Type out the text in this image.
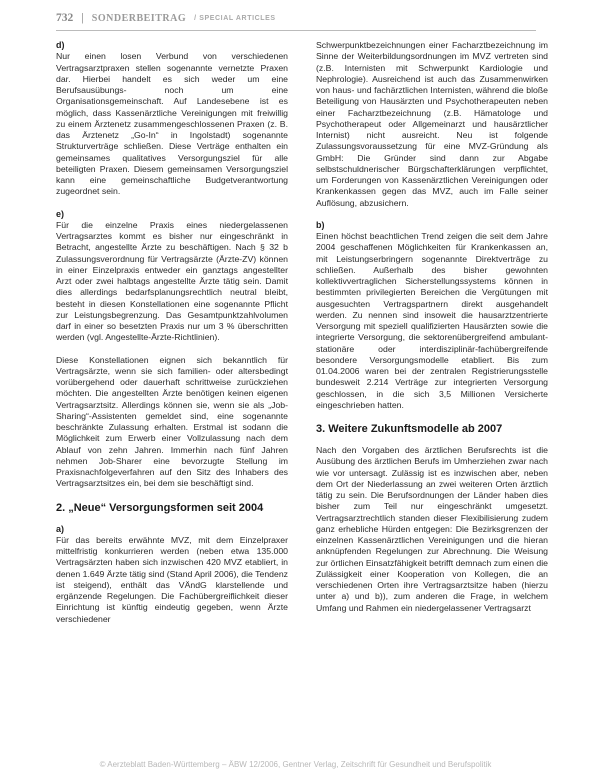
732 | SONDERBEITRAG / SPECIAL ARTICLES

d)

Nur einen losen Verbund von verschiedenen Vertragsarztpraxen stellen sogenannte vernetzte Praxen dar. Hierbei handelt es sich weder um eine Berufsausübungs- noch um eine Organisationsgemeinschaft. Auf Landesebene ist es möglich, dass Kassenärztliche Vereinigungen mit freiwillig zu einem Ärztenetz zusammengeschlossenen Praxen (z. B. das Ärztenetz „Go-In“ in Ingolstadt) sogenannte Strukturverträge schließen. Diese Verträge enthalten ein gemeinsames qualitatives Versorgungsziel für alle beteiligten Praxen. Diesem gemeinsamen Versorgungsziel kann eine gemeinschaftliche Budgetverantwortung zugeordnet sein.

e)

Für die einzelne Praxis eines niedergelassenen Vertragsarztes kommt es bisher nur eingeschränkt in Betracht, angestellte Ärzte zu beschäftigen. Nach § 32 b Zulassungsverordnung für Vertragsärzte (Ärzte-ZV) können in einer Einzelpraxis entweder ein ganztags angestellter Arzt oder zwei halbtags angestellte Ärzte tätig sein. Damit dies allerdings bedarfsplanungsrechtlich neutral bleibt, besteht in diesen Konstellationen eine sogenannte Pflicht zur Leistungsbegrenzung. Das Gesamtpunktzahlvolumen darf in einer so besetzten Praxis nur um 3 % überschritten werden (vgl. Angestellte-Ärzte-Richtlinien).

Diese Konstellationen eignen sich bekanntlich für Vertragsärzte, wenn sie sich familien- oder altersbedingt vorübergehend oder dauerhaft schrittweise zurückziehen möchten. Die angestellten Ärzte benötigen keinen eigenen Vertragsarztsitz. Allerdings können sie, wenn sie als „Job-Sharing“-Assistenten gemeldet sind, eine sogenannte beschränkte Zulassung erhalten. Erstmal ist sodann die Möglichkeit zum Erwerb einer Vollzulassung nach dem Ablauf von zehn Jahren. Immerhin nach fünf Jahren nehmen Job-Sharer eine bevorzugte Stellung im Praxisnachfolgeverfahren auf den Sitz des Inhabers des Vertragsarztsitzes ein, bei dem sie beschäftigt sind.

2. „Neue“ Versorgungsformen seit 2004

a)

Für das bereits erwähnte MVZ, mit dem Einzelpraxer mittelfristig konkurrieren werden (neben etwa 135.000 Vertragsärzten haben sich inzwischen 420 MVZ etabliert, in denen 1.649 Ärzte tätig sind (Stand April 2006), die Tendenz ist steigend), enthält das VÄndG klarstellende und ergänzende Regelungen. Die Fachübergreiflichkeit dieser Einrichtung ist künftig eindeutig gegeben, wenn Ärzte verschiedener

Schwerpunktbezeichnungen einer Facharztbezeichnung im Sinne der Weiterbildungsordnungen im MVZ vertreten sind (z.B. Internisten mit Schwerpunkt Kardiologie und Nephrologie). Ausreichend ist auch das Zusammenwirken von haus- und fachärztlichen Internisten, während die bloße Beteiligung von Hausärzten und Psychotherapeuten neben einer Facharztbezeichnung (z.B. Hämatologe und Psychotherapeut oder Allgemeinarzt und hausärztlicher Internist) nicht ausreicht. Neu ist folgende Zulassungsvoraussetzung für eine MVZ-Gründung als GmbH: Die Gründer sind dann zur Abgabe selbstschuldnerischer Bürgschafterklärungen verpflichtet, um Forderungen von Kassenärztlichen Vereinigungen oder Krankenkassen gegen das MVZ, auch im Falle seiner Auflösung, abzusichern.

b)

Einen höchst beachtlichen Trend zeigen die seit dem Jahre 2004 geschaffenen Möglichkeiten für Krankenkassen an, mit Leistungserbringern sogenannte Direktverträge zu schließen. Außerhalb des bisher gewohnten kollektivvertraglichen Sicherstellungssystems können in bestimmten privilegierten Bereichen die Vergütungen mit ausgesuchten Vertragspartnern direkt ausgehandelt werden. Zu nennen sind insoweit die hausarztzentrierte Versorgung mit speziell qualifizierten Hausärzten sowie die integrierte Versorgung, die sektorenübergreifend ambulant-stationäre oder interdisziplinär-fachübergreifende besondere Versorgungsmodelle etabliert. Bis zum 01.04.2006 waren bei der zentralen Registrierungsstelle bundesweit 2.214 Verträge zur integrierten Versorgung geschlossen, in die sich 3,5 Millionen Versicherte eingeschrieben hatten.

3. Weitere Zukunftsmodelle ab 2007

Nach den Vorgaben des ärztlichen Berufsrechts ist die Ausübung des ärztlichen Berufs im Umherziehen zwar nach wie vor untersagt. Zulässig ist es inzwischen aber, neben dem Ort der Niederlassung an zwei weiteren Orten ärztlich tätig zu sein. Die Berufsordnungen der Länder haben dies bisher zum Teil nur eingeschränkt umgesetzt. Vertragsarztrechtlich standen dieser Flexibilisierung zudem ganz erhebliche Hürden entgegen: Die Bezirksgrenzen der einzelnen Kassenärztlichen Vereinigungen und die hieran anknüpfenden Regelungen zur Abrechnung. Die Weisung zur örtlichen Einsatzfähigkeit betrifft demnach zum einen die Zulässigkeit einer Kooperation von Kollegen, die an verschiedenen Orten ihre Vertragsarztsitze haben (hierzu unter a) und b)), zum anderen die Frage, in welchem Umfang und Rahmen ein niedergelassener Vertragsarzt

© Aerzteblatt Baden-Württemberg – ÄBW 12/2006, Gentner Verlag, Zeitschrift für Gesundheit und Berufspolitik
